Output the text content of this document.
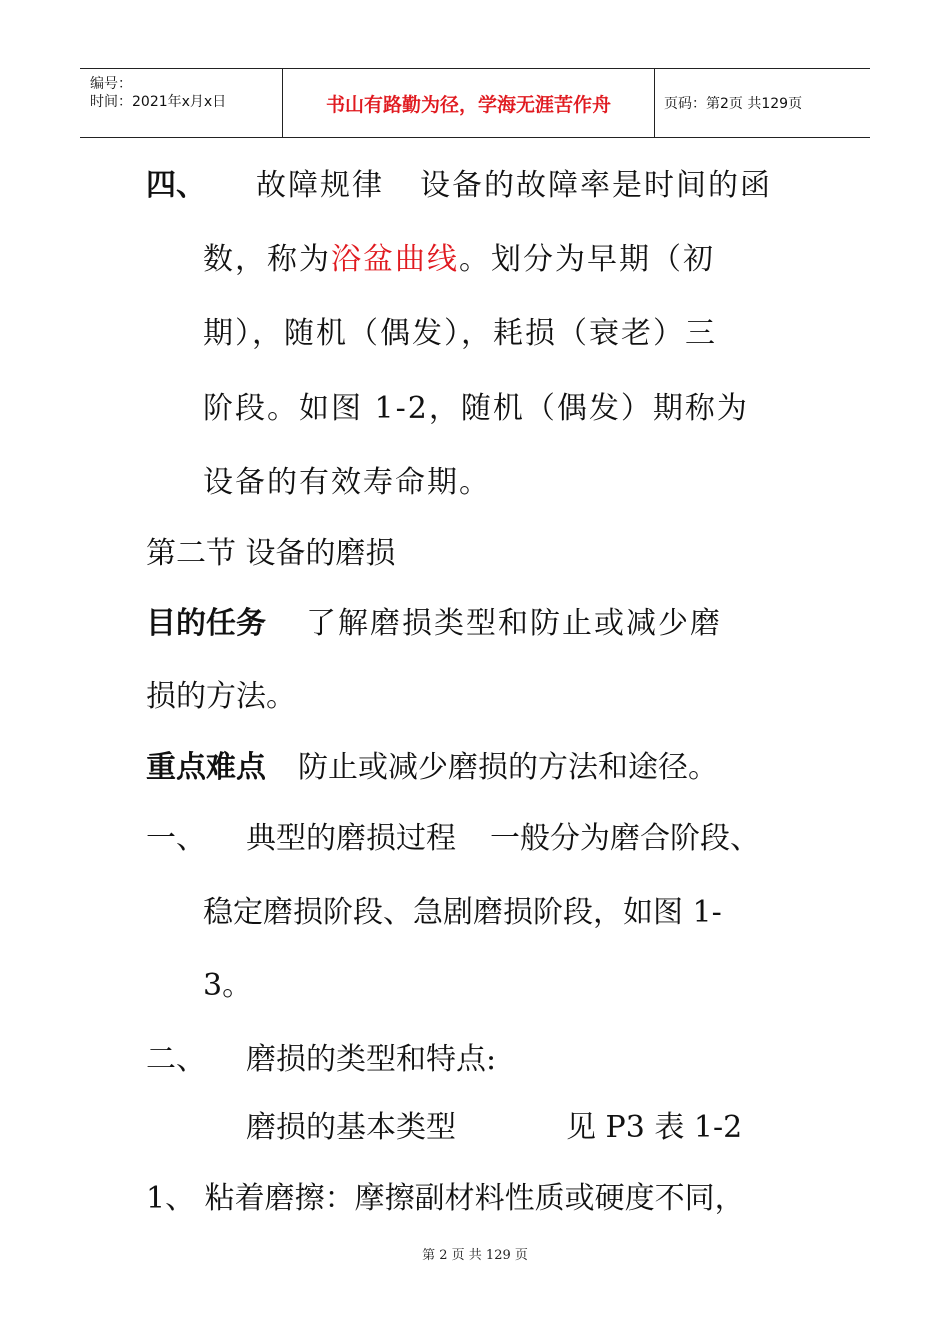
编号：
时间：2021年x月x日	书山有路勤为径，学海无涯苦作舟	页码：第2页 共129页
四、 故障规律 设备的故障率是时间的函
数，称为浴盆曲线。划分为早期（初
期），随机（偶发），耗损（衰老）三
阶段。如图 1-2，随机（偶发）期称为
设备的有效寿命期。
第二节 设备的磨损
目的任务 了解磨损类型和防止或减少磨
损的方法。
重点难点 防止或减少磨损的方法和途径。
一、 典型的磨损过程 一般分为磨合阶段、
稳定磨损阶段、急剧磨损阶段，如图 1-
3。
二、 磨损的类型和特点:
磨损的基本类型	见 P3 表 1-2
1、 粘着磨擦：摩擦副材料性质或硬度不同，
第 2 页 共 129 页
